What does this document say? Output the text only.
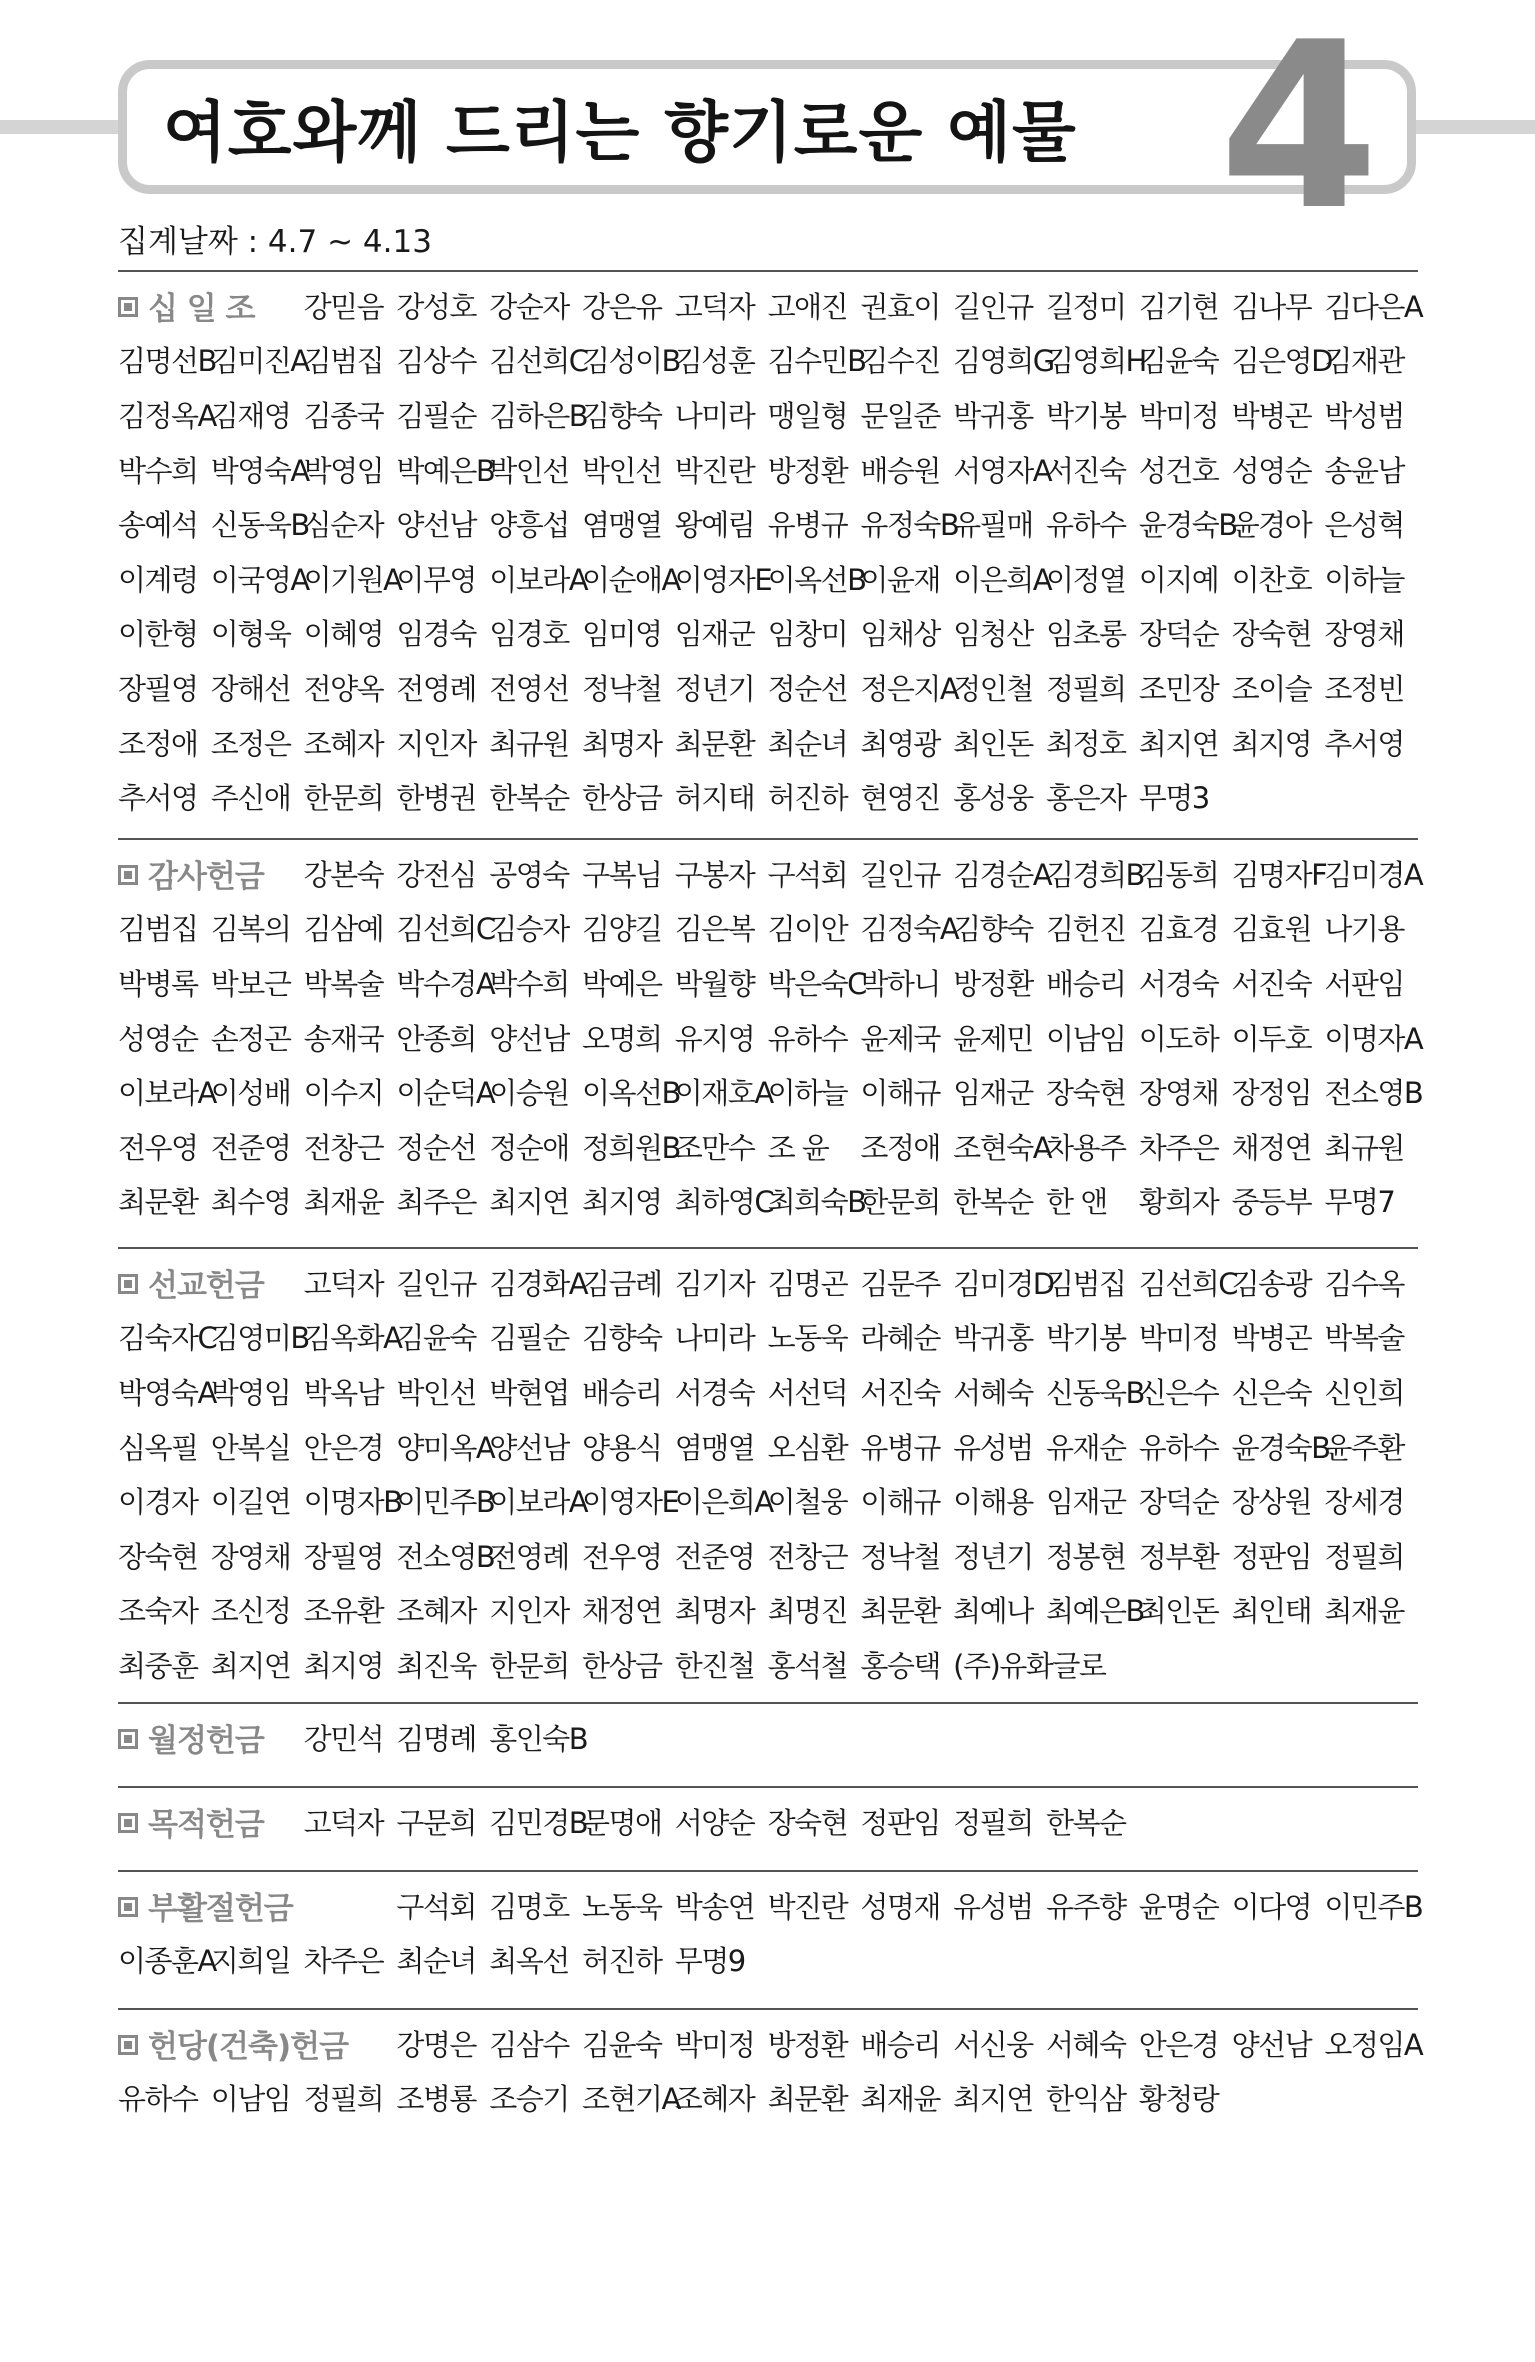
여호와께 드리는 향기로운 예물 4
집계날짜 : 4.7 ~ 4.13
십 일 조	강믿음 강성호 강순자 강은유 고덕자 고애진 권효이 길인규 길정미 김기현 김나무 김다은A
김명선B
김미진A
김범집 김상수 김선희C
김성이B
김성훈 김수민B
김수진 김영희G
김영희H
김윤숙 김은영D
김재관
김정옥A
김재영 김종국 김필순 김하은B
김향숙 나미라 맹일형 문일준 박귀홍 박기봉 박미정 박병곤 박성범
박수희 박영숙A
박영임 박예은B
박인선 박인선 박진란 방정환 배승원 서영자A
서진숙 성건호 성영순 송윤남
송예석 신동욱B
심순자 양선남 양흥섭 염맹열 왕예림 유병규 유정숙B
유필매 유하수 윤경숙B
윤경아 은성혁
이계령 이국영A
이기원A
이무영 이보라A
이순애A
이영자E
이옥선B
이윤재 이은희A
이정열 이지예 이찬호 이하늘
이한형 이형욱 이혜영 임경숙 임경호 임미영 임재군 임창미 임채상 임청산 임초롱 장덕순 장숙현 장영채
장필영 장해선 전양옥 전영례 전영선 정낙철 정년기 정순선 정은지A
정인철 정필희 조민장 조이슬 조정빈
조정애 조정은 조혜자 지인자 최규원 최명자 최문환 최순녀 최영광 최인돈 최정호 최지연 최지영 추서영
추서영 주신애 한문희 한병권 한복순 한상금 허지태 허진하 현영진 홍성웅 홍은자 무명3
감사헌금	강본숙 강전심 공영숙 구복님 구봉자 구석회 길인규 김경순A
김경희B
김동희 김명자F
김미경A
김범집 김복의 김삼예 김선희C
김승자 김양길 김은복 김이안 김정숙A
김향숙 김헌진 김효경 김효원 나기용
박병록 박보근 박복술 박수경A
박수희 박예은 박월향 박은숙C
박하니 방정환 배승리 서경숙 서진숙 서판임
성영순 손정곤 송재국 안종희 양선남 오명희 유지영 유하수 윤제국 윤제민 이남임 이도하 이두호 이명자A
이보라A
이성배 이수지 이순덕A
이승원 이옥선B
이재호A
이하늘 이해규 임재군 장숙현 장영채 장정임 전소영B
전우영 전준영 전창근 정순선 정순애 정희원B
조만수 조 윤	조정애 조현숙A
차용주 차주은 채정연 최규원
최문환 최수영 최재윤 최주은 최지연 최지영 최하영C
최희숙B
한문희 한복순 한 앤	황희자 중등부 무명7
선교헌금	고덕자 길인규 김경화A
김금례 김기자 김명곤 김문주 김미경D
김범집 김선희C
김송광 김수옥
김숙자C
김영미B
김옥화A
김윤숙 김필순 김향숙 나미라 노동욱 라혜순 박귀홍 박기봉 박미정 박병곤 박복술
박영숙A
박영임 박옥남 박인선 박현엽 배승리 서경숙 서선덕 서진숙 서혜숙 신동욱B
신은수 신은숙 신인희
심옥필 안복실 안은경 양미옥A
양선남 양용식 염맹열 오심환 유병규 유성범 유재순 유하수 윤경숙B
윤주환
이경자 이길연 이명자B
이민주B
이보라A
이영자E
이은희A
이철웅 이해규 이해용 임재군 장덕순 장상원 장세경
장숙현 장영채 장필영 전소영B
전영례 전우영 전준영 전창근 정낙철 정년기 정봉현 정부환 정판임 정필희
조숙자 조신정 조유환 조혜자 지인자 채정연 최명자 최명진 최문환 최예나 최예은B
최인돈 최인태 최재윤
최중훈 최지연 최지영 최진욱 한문희 한상금 한진철 홍석철 홍승택 (주)유화글로
월정헌금	강민석 김명례 홍인숙B
목적헌금	고덕자 구문희 김민경B
문명애 서양순 장숙현 정판임 정필희 한복순
부활절헌금	구석회 김명호 노동욱 박송연 박진란 성명재 유성범 유주향 윤명순 이다영 이민주B
이종훈A
지희일 차주은 최순녀 최옥선 허진하 무명9
헌당(건축)헌금	강명은 김삼수 김윤숙 박미정 방정환 배승리 서신웅 서혜숙 안은경 양선남 오정임A
유하수 이남임 정필희 조병룡 조승기 조현기A
조혜자 최문환 최재윤 최지연 한익삼 황청랑
